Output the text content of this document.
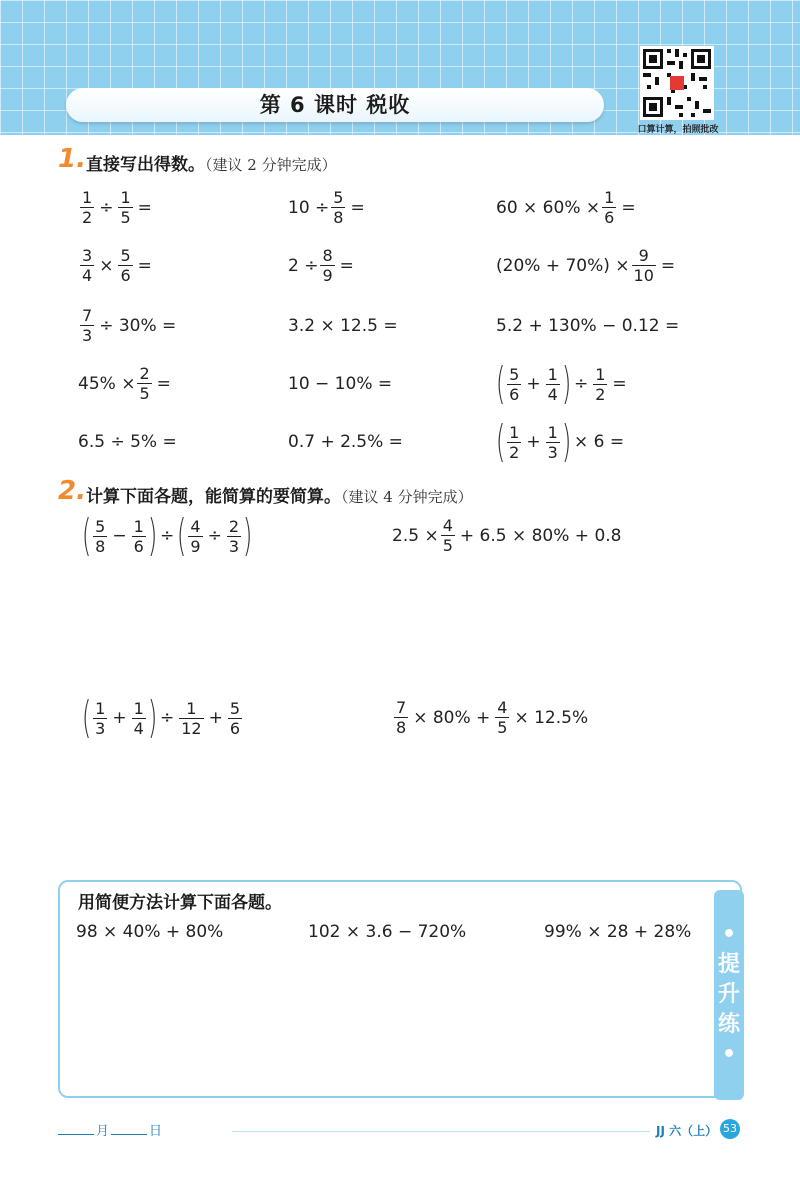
第 6 课时 税收
口算计算，拍照批改
1. 直接写出得数。（建议 2 分钟完成）
$\frac{1}{2} \div \frac{1}{5}$ =	$10 \div \frac{5}{8}$ =	$60 \times 60\% \times \frac{1}{6}$ =
$\frac{3}{4} \times \frac{5}{6}$ =	$2 \div \frac{8}{9}$ =	$(20\% + 70\%) \times \frac{9}{10}$ =
$\frac{7}{3} \div 30\%$ =	3.2 × 12.5 =	5.2 + 130% − 0.12 =
$45\% \times \frac{2}{5}$ =	10 − 10% = ( $\frac{5}{6} + \frac{1}{4}$ ) ÷ $\frac{1}{2}$ =
6.5 ÷ 5% =	0.7 + 2.5% = ( $\frac{1}{2} + \frac{1}{3}$ ) × 6 =
2. 计算下面各题，能简算的要简算。（建议 4 分钟完成）
( $\frac{5}{8} - \frac{1}{6}$ ) ÷ ( $\frac{4}{9} \div \frac{2}{3}$ )	$2.5 \times \frac{4}{5} + 6.5 \times 80\% + 0.8$
( $\frac{1}{3} + \frac{1}{4}$ ) ÷ $\frac{1}{12} + \frac{5}{6}$	$\frac{7}{8} \times 80\% + \frac{4}{5} \times 12.5\%$
用简便方法计算下面各题。
98 × 40% + 80%	102 × 3.6 − 720%	99% × 28 + 28% •
提
升
练
•
月	日	JJ 六（上） 53
